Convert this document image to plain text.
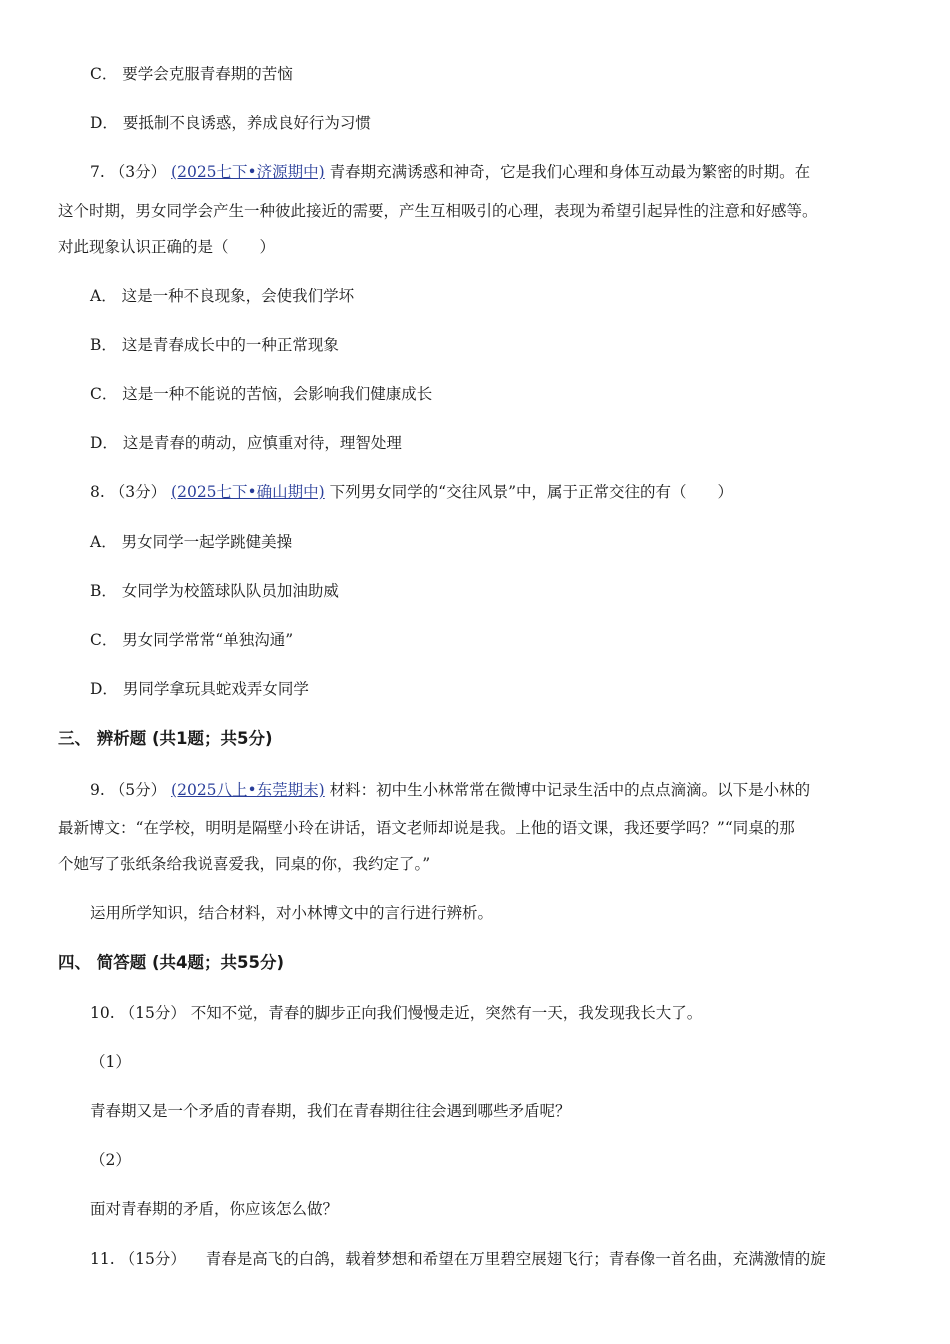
C． 要学会克服青春期的苦恼
D． 要抵制不良诱惑，养成良好行为习惯
7. （3分） (2025七下•济源期中) 青春期充满诱惑和神奇，它是我们心理和身体互动最为繁密的时期。在
这个时期，男女同学会产生一种彼此接近的需要，产生互相吸引的心理，表现为希望引起异性的注意和好感等。
对此现象认识正确的是（　　）
A． 这是一种不良现象，会使我们学坏
B． 这是青春成长中的一种正常现象
C． 这是一种不能说的苦恼，会影响我们健康成长
D． 这是青春的萌动，应慎重对待，理智处理
8. （3分） (2025七下•确山期中) 下列男女同学的“交往风景”中，属于正常交往的有（　　）
A． 男女同学一起学跳健美操
B． 女同学为校篮球队队员加油助威
C． 男女同学常常“单独沟通”
D． 男同学拿玩具蛇戏弄女同学
三、 辨析题 (共1题；共5分)
9. （5分） (2025八上•东莞期末) 材料：初中生小林常常在微博中记录生活中的点点滴滴。以下是小林的
最新博文：“在学校，明明是隔壁小玲在讲话，语文老师却说是我。上他的语文课，我还要学吗？”“同桌的那
个她写了张纸条给我说喜爱我，同桌的你，我约定了。”
运用所学知识，结合材料，对小林博文中的言行进行辨析。
四、 简答题 (共4题；共55分)
10. （15分） 不知不觉，青春的脚步正向我们慢慢走近，突然有一天，我发现我长大了。
（1）
青春期又是一个矛盾的青春期，我们在青春期往往会遇到哪些矛盾呢？
（2）
面对青春期的矛盾，你应该怎么做？
11. （15分） 青春是高飞的白鸽，载着梦想和希望在万里碧空展翅飞行；青春像一首名曲，充满激情的旋
